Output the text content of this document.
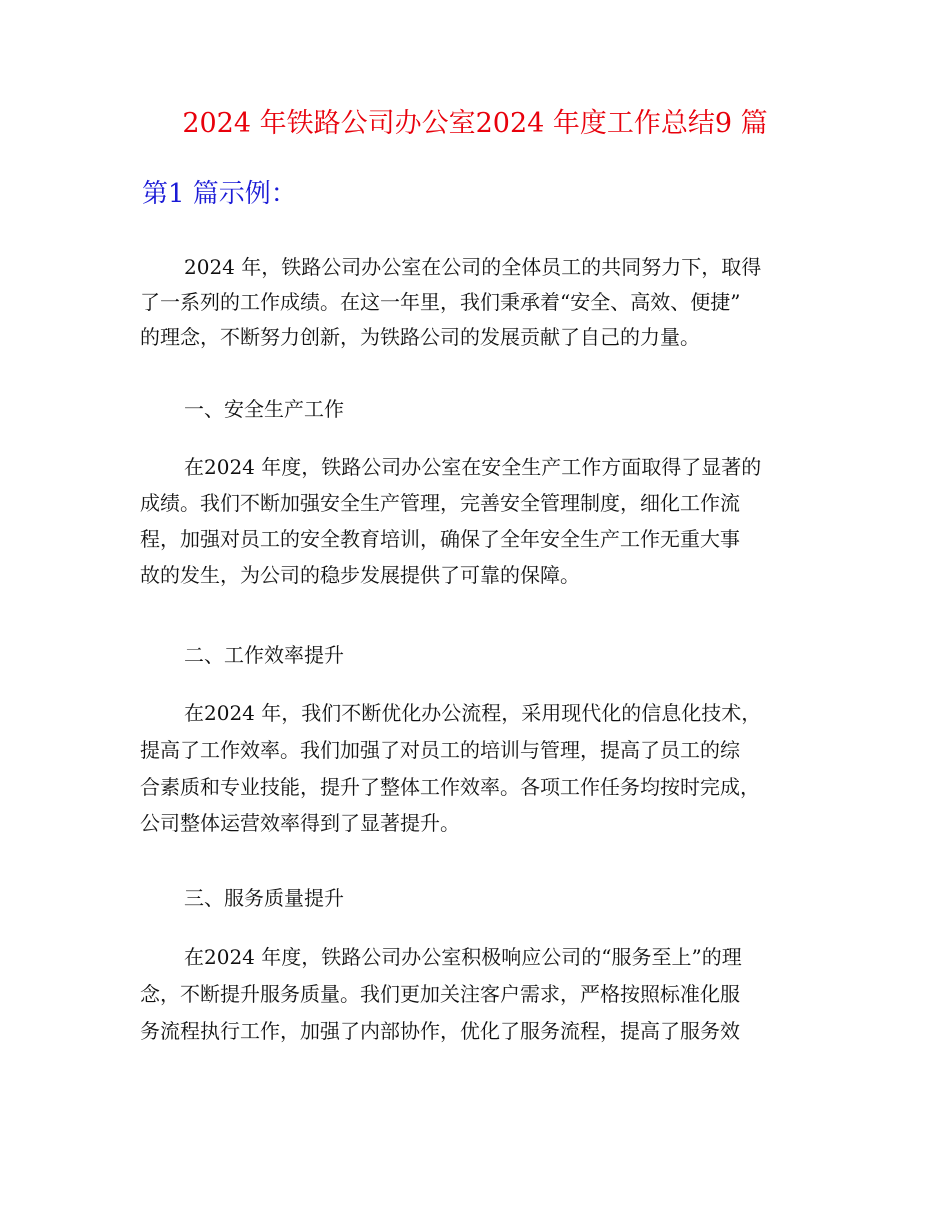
2024 年铁路公司办公室2024 年度工作总结9 篇
第1 篇示例：
2024 年，铁路公司办公室在公司的全体员工的共同努力下，取得
了一系列的工作成绩。在这一年里，我们秉承着“安全、高效、便捷”
的理念，不断努力创新，为铁路公司的发展贡献了自己的力量。
一、安全生产工作
在2024 年度，铁路公司办公室在安全生产工作方面取得了显著的
成绩。我们不断加强安全生产管理，完善安全管理制度，细化工作流
程，加强对员工的安全教育培训，确保了全年安全生产工作无重大事
故的发生，为公司的稳步发展提供了可靠的保障。
二、工作效率提升
在2024 年，我们不断优化办公流程，采用现代化的信息化技术，
提高了工作效率。我们加强了对员工的培训与管理，提高了员工的综
合素质和专业技能，提升了整体工作效率。各项工作任务均按时完成，
公司整体运营效率得到了显著提升。
三、服务质量提升
在2024 年度，铁路公司办公室积极响应公司的“服务至上”的理
念，不断提升服务质量。我们更加关注客户需求，严格按照标准化服
务流程执行工作，加强了内部协作，优化了服务流程，提高了服务效
